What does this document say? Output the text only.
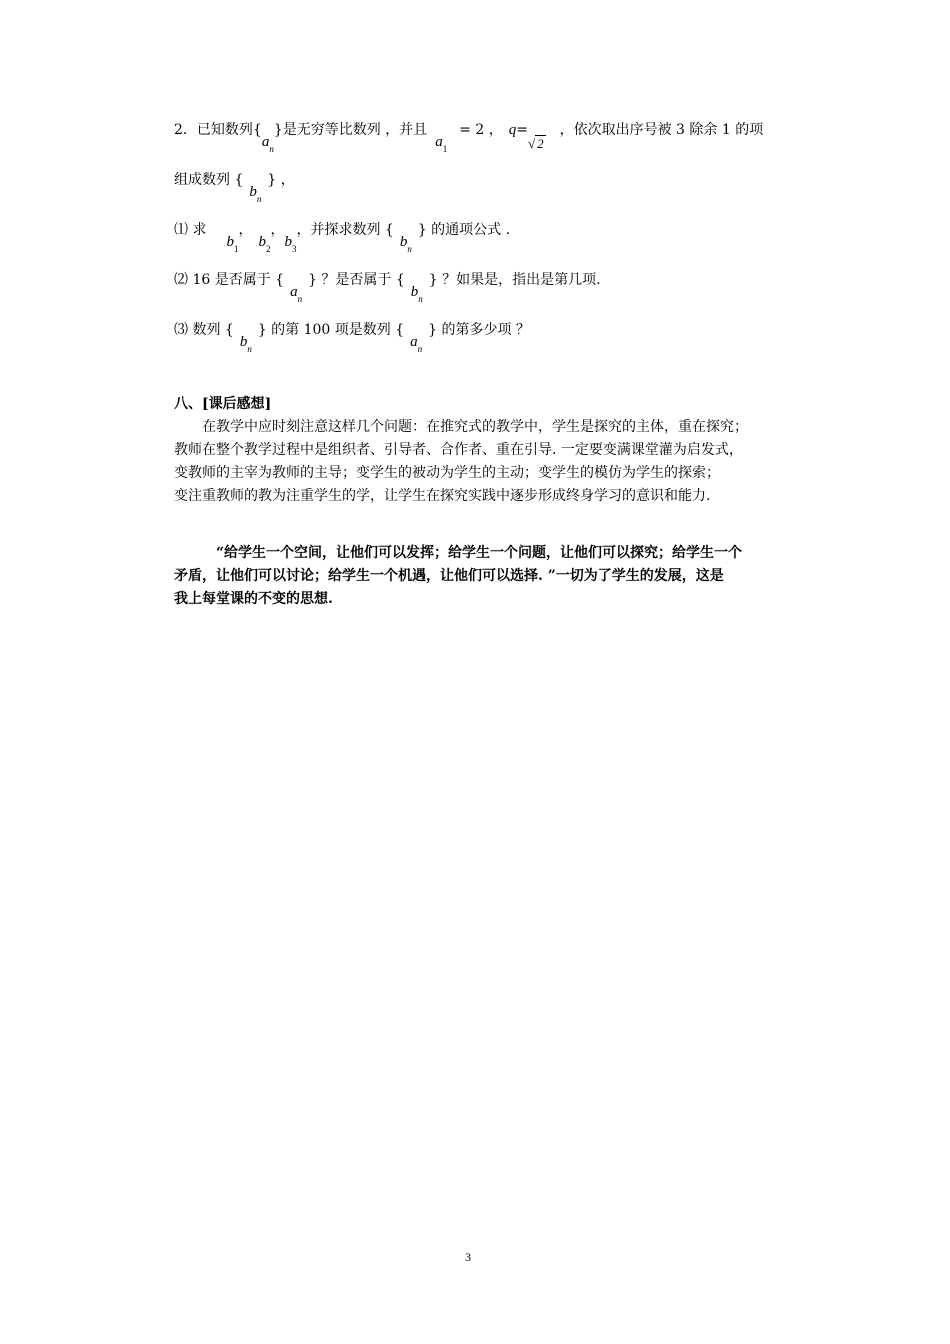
2．已知数列$\{a_n\}$是无穷等比数列 ，并且$a_1= 2$ ， q=√ 2，依次取出序号被 3 除余 1 的项
组成数列 $\{b_n\}$ ，
⑴ 求$b_1$，$b_2$，$b_3$，并探求数列 $\{b_n\}$ 的通项公式 .
⑵ 16 是否属于 $\{a_n\}$ ？是否属于 $\{b_n\}$ ？如果是，指出是第几项.
⑶ 数列 $\{b_n\}$ 的第 100 项是数列 $\{a_n\}$ 的第多少项 ？
八、[课后感想]
在教学中应时刻注意这样几个问题：在推究式的教学中，学生是探究的主体，重在探究；
教师在整个教学过程中是组织者、引导者、合作者、重在引导. 一定要变满课堂灌为启发式，
变教师的主宰为教师的主导；变学生的被动为学生的主动；变学生的模仿为学生的探索；
变注重教师的教为注重学生的学，让学生在探究实践中逐步形成终身学习的意识和能力.
“给学生一个空间，让他们可以发挥；给学生一个问题，让他们可以探究；给学生一个
矛盾，让他们可以讨论；给学生一个机遇，让他们可以选择. ”一切为了学生的发展，这是
我上每堂课的不变的思想.
3
